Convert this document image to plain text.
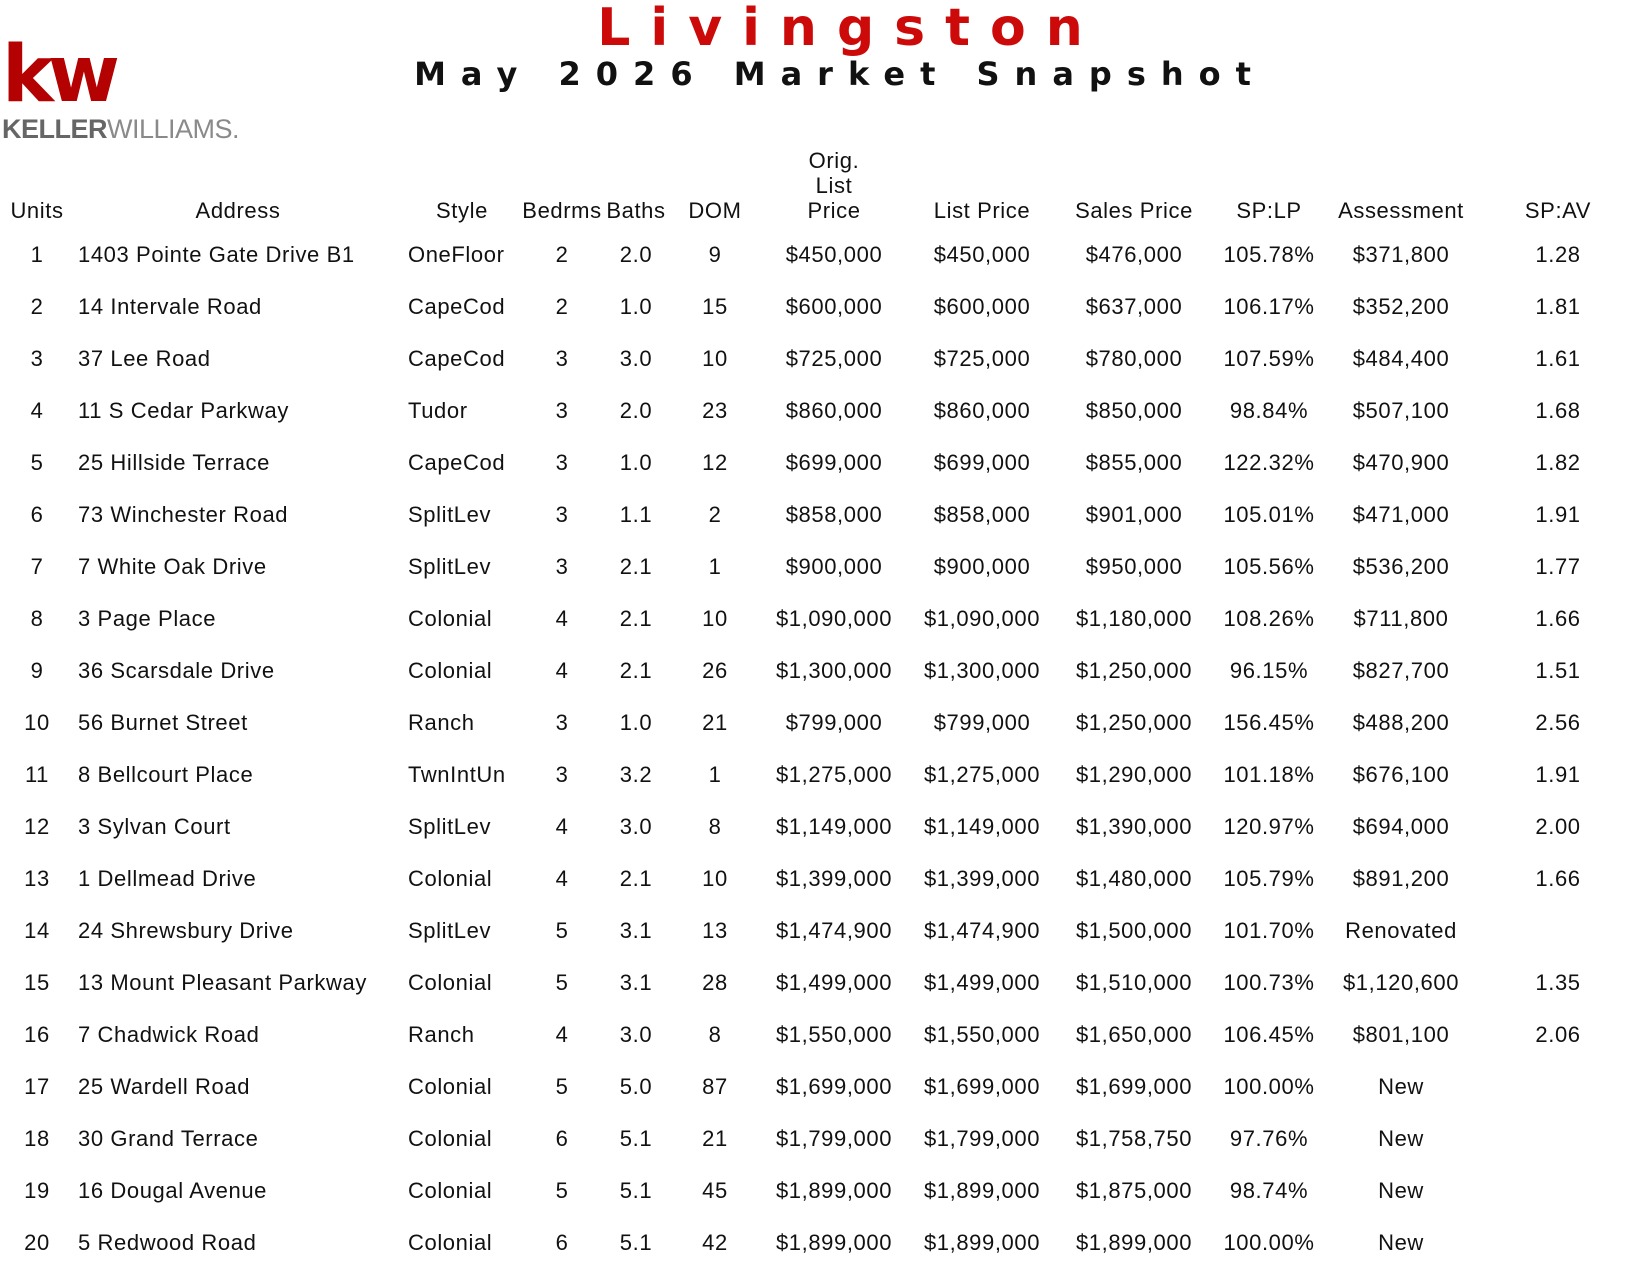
kw
KELLERWILLIAMS.
Livingston
May 2026 Market Snapshot
Units	Address	Style	Bedrms	Baths	DOM	Orig. List Price	List Price	Sales Price	SP:LP	Assessment	SP:AV
1	1403 Pointe Gate Drive B1	OneFloor	2	2.0	9	$450,000	$450,000	$476,000	105.78%	$371,800	1.28
2	14 Intervale Road	CapeCod	2	1.0	15	$600,000	$600,000	$637,000	106.17%	$352,200	1.81
3	37 Lee Road	CapeCod	3	3.0	10	$725,000	$725,000	$780,000	107.59%	$484,400	1.61
4	11 S Cedar Parkway	Tudor	3	2.0	23	$860,000	$860,000	$850,000	98.84%	$507,100	1.68
5	25 Hillside Terrace	CapeCod	3	1.0	12	$699,000	$699,000	$855,000	122.32%	$470,900	1.82
6	73 Winchester Road	SplitLev	3	1.1	2	$858,000	$858,000	$901,000	105.01%	$471,000	1.91
7	7 White Oak Drive	SplitLev	3	2.1	1	$900,000	$900,000	$950,000	105.56%	$536,200	1.77
8	3 Page Place	Colonial	4	2.1	10	$1,090,000	$1,090,000	$1,180,000	108.26%	$711,800	1.66
9	36 Scarsdale Drive	Colonial	4	2.1	26	$1,300,000	$1,300,000	$1,250,000	96.15%	$827,700	1.51
10	56 Burnet Street	Ranch	3	1.0	21	$799,000	$799,000	$1,250,000	156.45%	$488,200	2.56
11	8 Bellcourt Place	TwnIntUn	3	3.2	1	$1,275,000	$1,275,000	$1,290,000	101.18%	$676,100	1.91
12	3 Sylvan Court	SplitLev	4	3.0	8	$1,149,000	$1,149,000	$1,390,000	120.97%	$694,000	2.00
13	1 Dellmead Drive	Colonial	4	2.1	10	$1,399,000	$1,399,000	$1,480,000	105.79%	$891,200	1.66
14	24 Shrewsbury Drive	SplitLev	5	3.1	13	$1,474,900	$1,474,900	$1,500,000	101.70%	Renovated	
15	13 Mount Pleasant Parkway	Colonial	5	3.1	28	$1,499,000	$1,499,000	$1,510,000	100.73%	$1,120,600	1.35
16	7 Chadwick Road	Ranch	4	3.0	8	$1,550,000	$1,550,000	$1,650,000	106.45%	$801,100	2.06
17	25 Wardell Road	Colonial	5	5.0	87	$1,699,000	$1,699,000	$1,699,000	100.00%	New	
18	30 Grand Terrace	Colonial	6	5.1	21	$1,799,000	$1,799,000	$1,758,750	97.76%	New	
19	16 Dougal Avenue	Colonial	5	5.1	45	$1,899,000	$1,899,000	$1,875,000	98.74%	New	
20	5 Redwood Road	Colonial	6	5.1	42	$1,899,000	$1,899,000	$1,899,000	100.00%	New	
